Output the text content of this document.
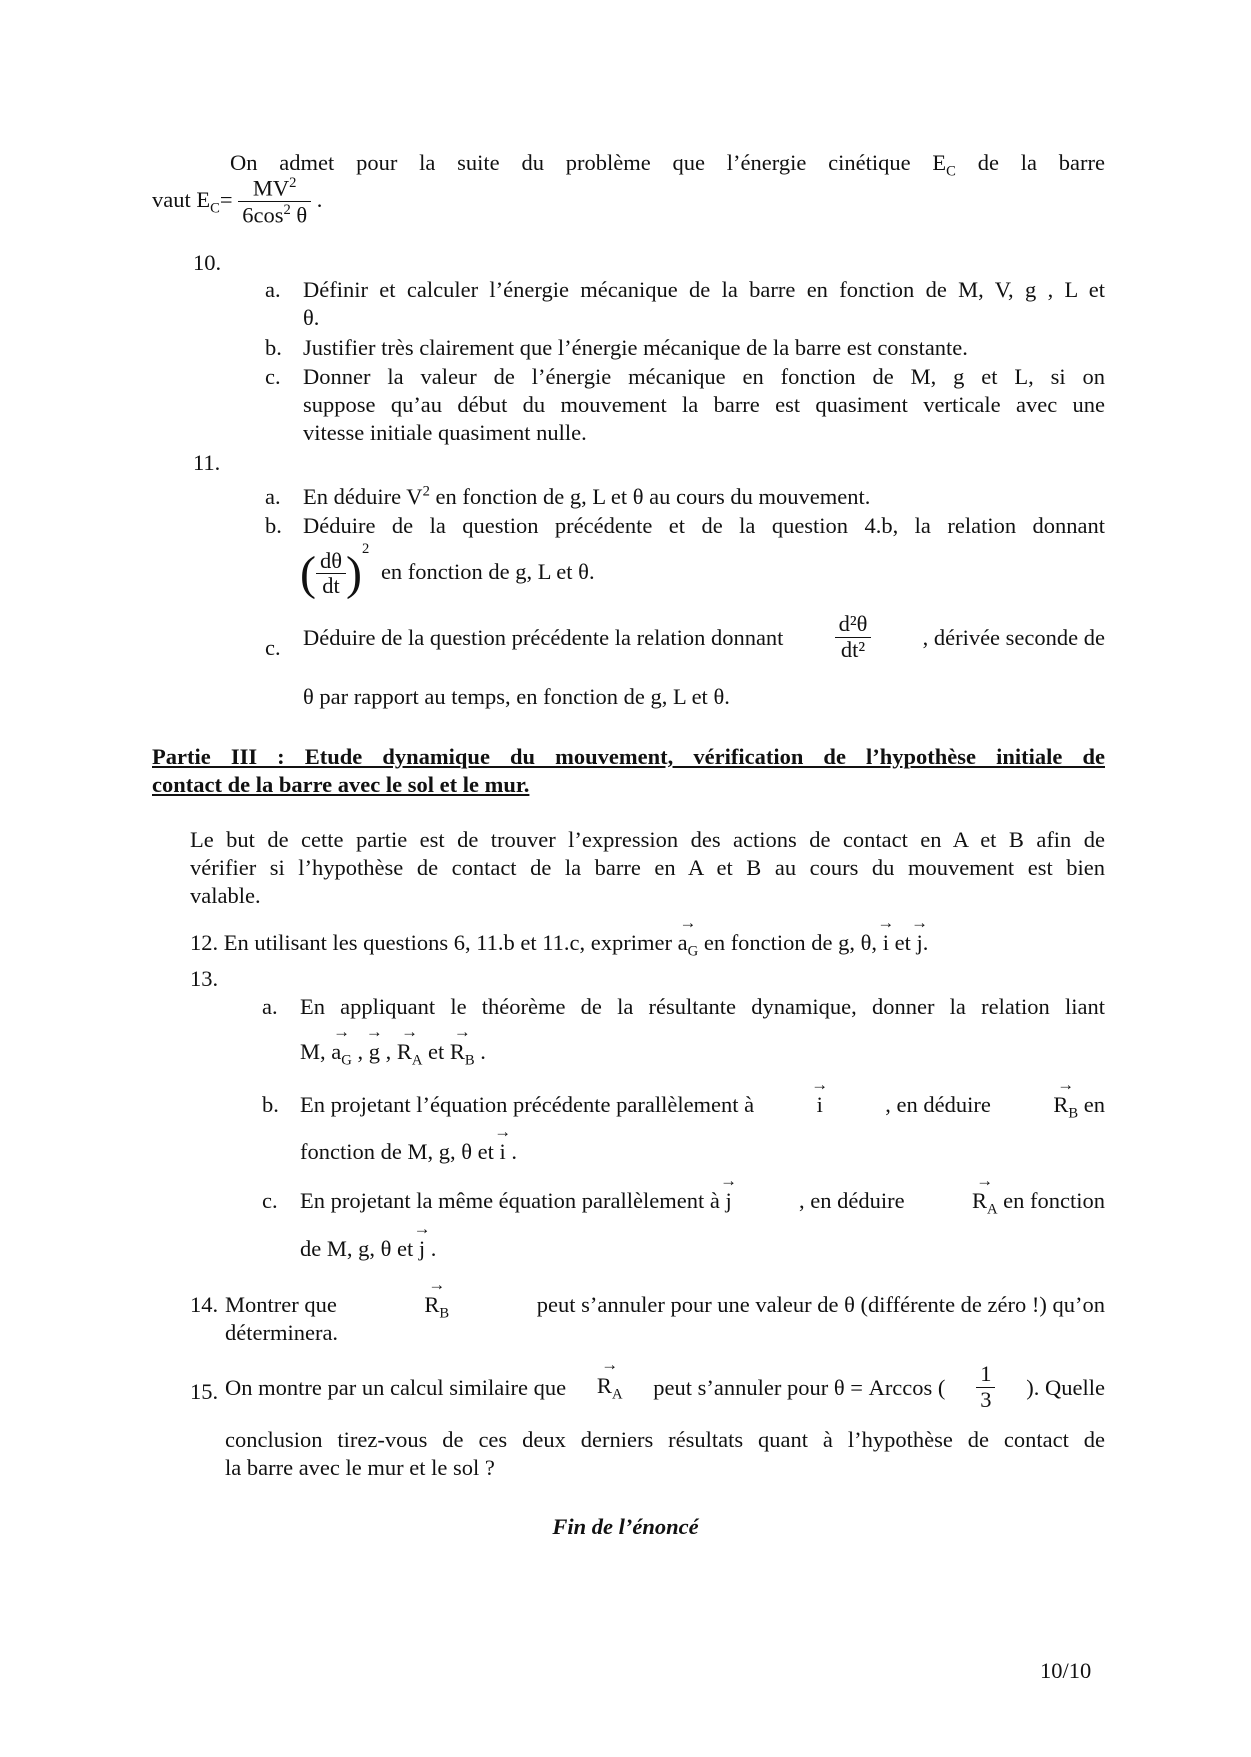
On admet pour la suite du problème que l’énergie cinétique $E_C$ de la barre
vaut $E_C= \frac{MV^2}{6\cos^2 \theta}$ .
10.
a. Définir et calculer l’énergie mécanique de la barre en fonction de M, V, g , L et
θ.
b. Justifier très clairement que l’énergie mécanique de la barre est constante.
c. Donner la valeur de l’énergie mécanique en fonction de M, g et L, si on
suppose qu’au début du mouvement la barre est quasiment verticale avec une
vitesse initiale quasiment nulle.
11.
a. En déduire $V^2$ en fonction de g, L et θ au cours du mouvement.
b. Déduire de la question précédente et de la question 4.b, la relation donnant
( $\frac{d\theta}{dt} )^2$ en fonction de g, L et θ.
c. Déduire de la question précédente la relation donnant $\frac{\text{d²θ}}{\text{dt²}}$ , dérivée seconde de
θ par rapport au temps, en fonction de g, L et θ.
Partie III : Etude dynamique du mouvement, vérification de l’hypothèse initiale de
contact de la barre avec le sol et le mur.
Le but de cette partie est de trouver l’expression des actions de contact en A et B afin de
vérifier si l’hypothèse de contact de la barre en A et B au cours du mouvement est bien
valable.
12. En utilisant les questions 6, 11.b et 11.c, exprimer → $a_G$ en fonction de g, θ, → i et → j.
13.
a. En appliquant le théorème de la résultante dynamique, donner la relation liant
M, → $a_G$ , → g , → $R_A$ et → $R_B$ .
b. En projetant l’équation précédente parallèlement à	→ i	, en déduire	→ $R_B$ en
fonction de M, g, θ et → i .
c. En projetant la même équation parallèlement à → j	, en déduire	→ $R_A$ en fonction
de M, g, θ et → j .
14. Montrer que	→ $R_B$	peut s’annuler pour une valeur de θ (différente de zéro !) qu’on
déterminera.
15. On montre par un calcul similaire que → $R_A$ peut s’annuler pour θ = Arccos ( $\frac{1}{3}$ ). Quelle
conclusion tirez-vous de ces deux derniers résultats quant à l’hypothèse de contact de
la barre avec le mur et le sol ?
Fin de l’énoncé
10/10
